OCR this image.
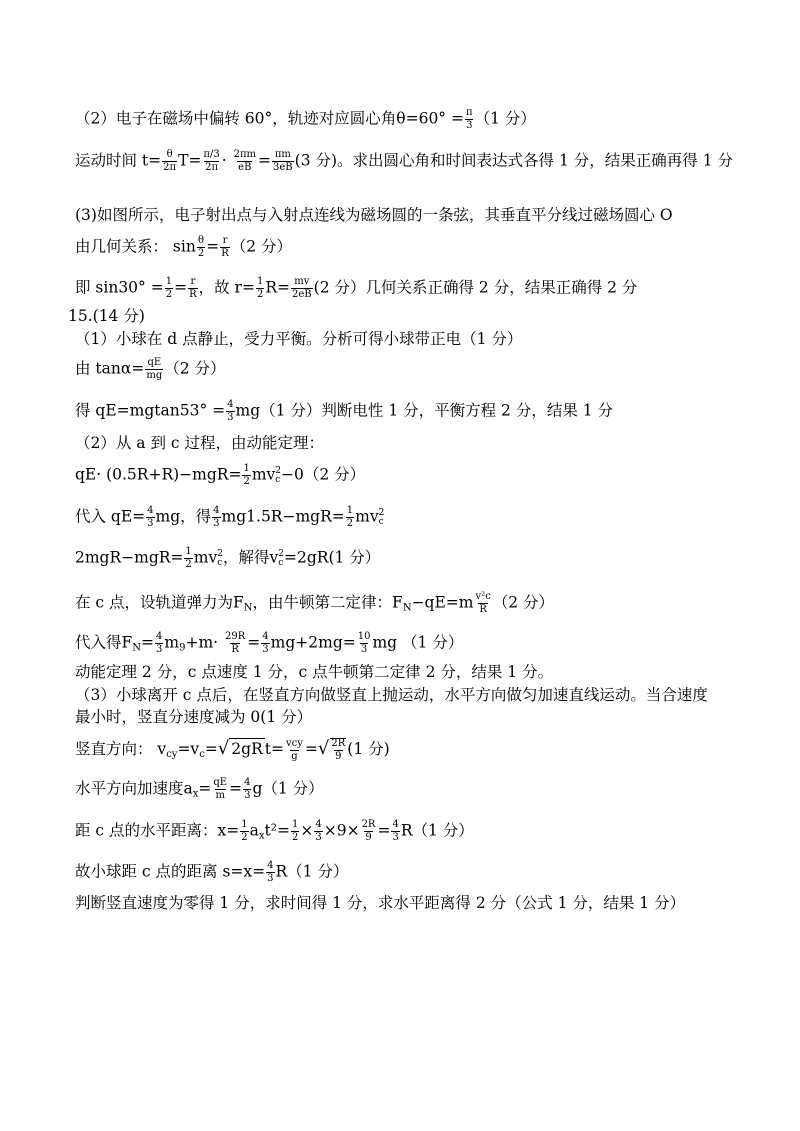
（2）电子在磁场中偏转 60°，轨迹对应圆心角$\theta=60^\circ = \frac{\pi}{3} (1$ 分）
运动时间 $t= \frac{\theta}{2\pi} T= \frac{\pi/3}{2\pi} \cdot \frac{2\pi m}{eB} = \frac{\pi m}{3eB} (3$ 分)。求出圆心角和时间表达式各得 1 分，结果正确再得 1 分
(3)如图所示，电子射出点与入射点连线为磁场圆的一条弦，其垂直平分线过磁场圆心 O
由几何关系： $\sin \frac{\theta}{2} = \frac{r}{R} (2$ 分）
即 $\sin 30^\circ = \frac{1}{2} = \frac{r}{R}$ ，故 $r= \frac{1}{2} R= \frac{mv}{2eB} (2$ 分）几何关系正确得 2 分，结果正确得 2 分
15.(14 分)
（1）小球在 d 点静止，受力平衡。分析可得小球带正电（1 分）
由 $\tan\alpha= \frac{qE}{mg} (2$ 分）
得 $qE=mgtan53^\circ = \frac{4}{3} mg(1$ 分）判断电性 1 分，平衡方程 2 分，结果 1 分
（2）从 a 到 c 过程，由动能定理：
$qE\cdot (0.5R+R)-mgR= \frac{1}{2}$ mv 2
c −0（2 分）
代入 $qE= \frac{4}{3}$ mg，得 $\frac{4}{3} mg1.5R-mgR= \frac{1}{2}$ mv 2
c
$2mgR-mgR= \frac{1}{2}$ mv 2
c ，解得v 2
c =2gR(1 分）
在 c 点，设轨道弹力为FN，由牛顿第二定律：$FN-qE=m \frac{\text{v²c}}{R} (2$ 分）
代入得$FN= \frac{4}{3} m9+m\cdot \frac{29R}{R} = \frac{4}{3} mg+2mg= \frac{10}{3}$ mg （1 分）
动能定理 2 分，c 点速度 1 分，c 点牛顿第二定律 2 分，结果 1 分。
（3）小球离开 c 点后，在竖直方向做竖直上抛运动，水平方向做匀加速直线运动。当合速度
最小时，竖直分速度减为 0(1 分）
竖直方向： vcy=vc=√ 2gR t= vcy
g =√ $\frac{2R}{9} (1$ 分)
水平方向加速度$ax= \frac{qE}{m} = \frac{4}{3} g(1$ 分）
距 c 点的水平距离：$x= \frac{1}{2} axt^2= \frac{1}{2} \times \frac{4}{3} \times 9\times \frac{2R}{9} = \frac{4}{3} R(1$ 分）
故小球距 c 点的距离 $s=x= \frac{4}{3} R(1$ 分）
判断竖直速度为零得 1 分，求时间得 1 分，求水平距离得 2 分（公式 1 分，结果 1 分）
